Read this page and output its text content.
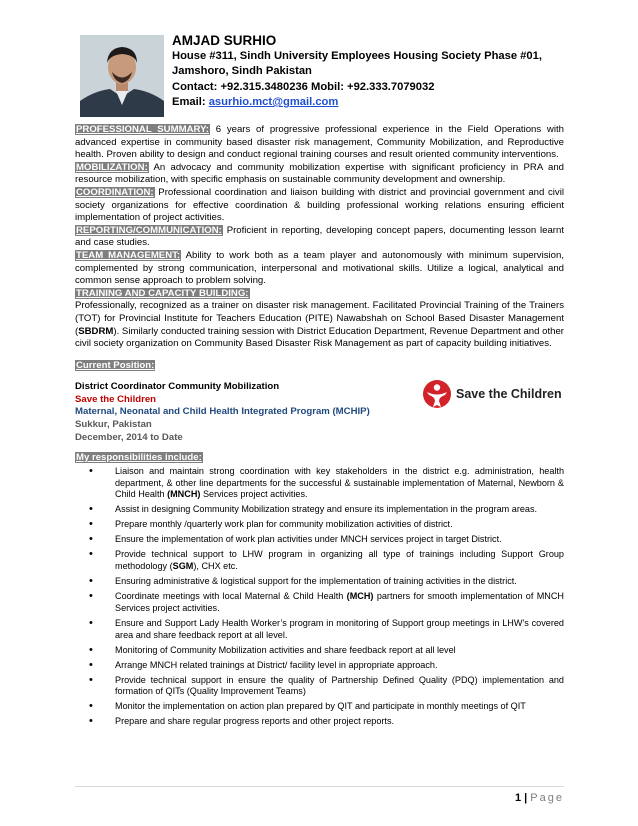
AMJAD SURHIO
House #311, Sindh University Employees Housing Society Phase #01,
Jamshoro, Sindh Pakistan
Contact: +92.315.3480236 Mobil: +92.333.7079032
Email: asurhio.mct@gmail.com

PROFESSIONAL SUMMARY: 6 years of progressive professional experience in the Field Operations with advanced expertise in community based disaster risk management, Community Mobilization, and Reproductive health. Proven ability to design and conduct regional training courses and result oriented community interventions.

MOBILIZATION: An advocacy and community mobilization expertise with significant proficiency in PRA and resource mobilization, with specific emphasis on sustainable community development and ownership.

COORDINATION: Professional coordination and liaison building with district and provincial government and civil society organizations for effective coordination & building professional working relations ensuring efficient implementation of project activities.

REPORTING/COMMUNICATION: Proficient in reporting, developing concept papers, documenting lesson learnt and case studies.

TEAM MANAGEMENT: Ability to work both as a team player and autonomously with minimum supervision, complemented by strong communication, interpersonal and motivational skills. Utilize a logical, analytical and common sense approach to problem solving.

TRAINING AND CAPACITY BUILDING:

Professionally, recognized as a trainer on disaster risk management. Facilitated Provincial Training of the Trainers (TOT) for Provincial Institute for Teachers Education (PITE) Nawabshah on School Based Disaster Management (SBDRM). Similarly conducted training session with District Education Department, Revenue Department and other civil society organization on Community Based Disaster Risk Management as part of capacity building initiatives.

Current Position:

District Coordinator Community Mobilization
Save the Children
Maternal, Neonatal and Child Health Integrated Program (MCHIP)
Sukkur, Pakistan
December, 2014 to Date
Save the Children

My responsibilities include:

• Liaison and maintain strong coordination with key stakeholders in the district e.g. administration, health department, & other line departments for the successful & sustainable implementation of Maternal, Newborn & Child Health (MNCH) Services project activities.
• Assist in designing Community Mobilization strategy and ensure its implementation in the program areas.
• Prepare monthly /quarterly work plan for community mobilization activities of district.
• Ensure the implementation of work plan activities under MNCH services project in target District.
• Provide technical support to LHW program in organizing all type of trainings including Support Group methodology (SGM), CHX etc.
• Ensuring administrative & logistical support for the implementation of training activities in the district.
• Coordinate meetings with local Maternal & Child Health (MCH) partners for smooth implementation of MNCH Services project activities.
• Ensure and Support Lady Health Worker’s program in monitoring of Support group meetings in LHW’s covered area and share feedback report at all level.
• Monitoring of Community Mobilization activities and share feedback report at all level
• Arrange MNCH related trainings at District/ facility level in appropriate approach.
• Provide technical support in ensure the quality of Partnership Defined Quality (PDQ) implementation and formation of QITs (Quality Improvement Teams)
• Monitor the implementation on action plan prepared by QIT and participate in monthly meetings of QIT
• Prepare and share regular progress reports and other project reports.
1 | Page
